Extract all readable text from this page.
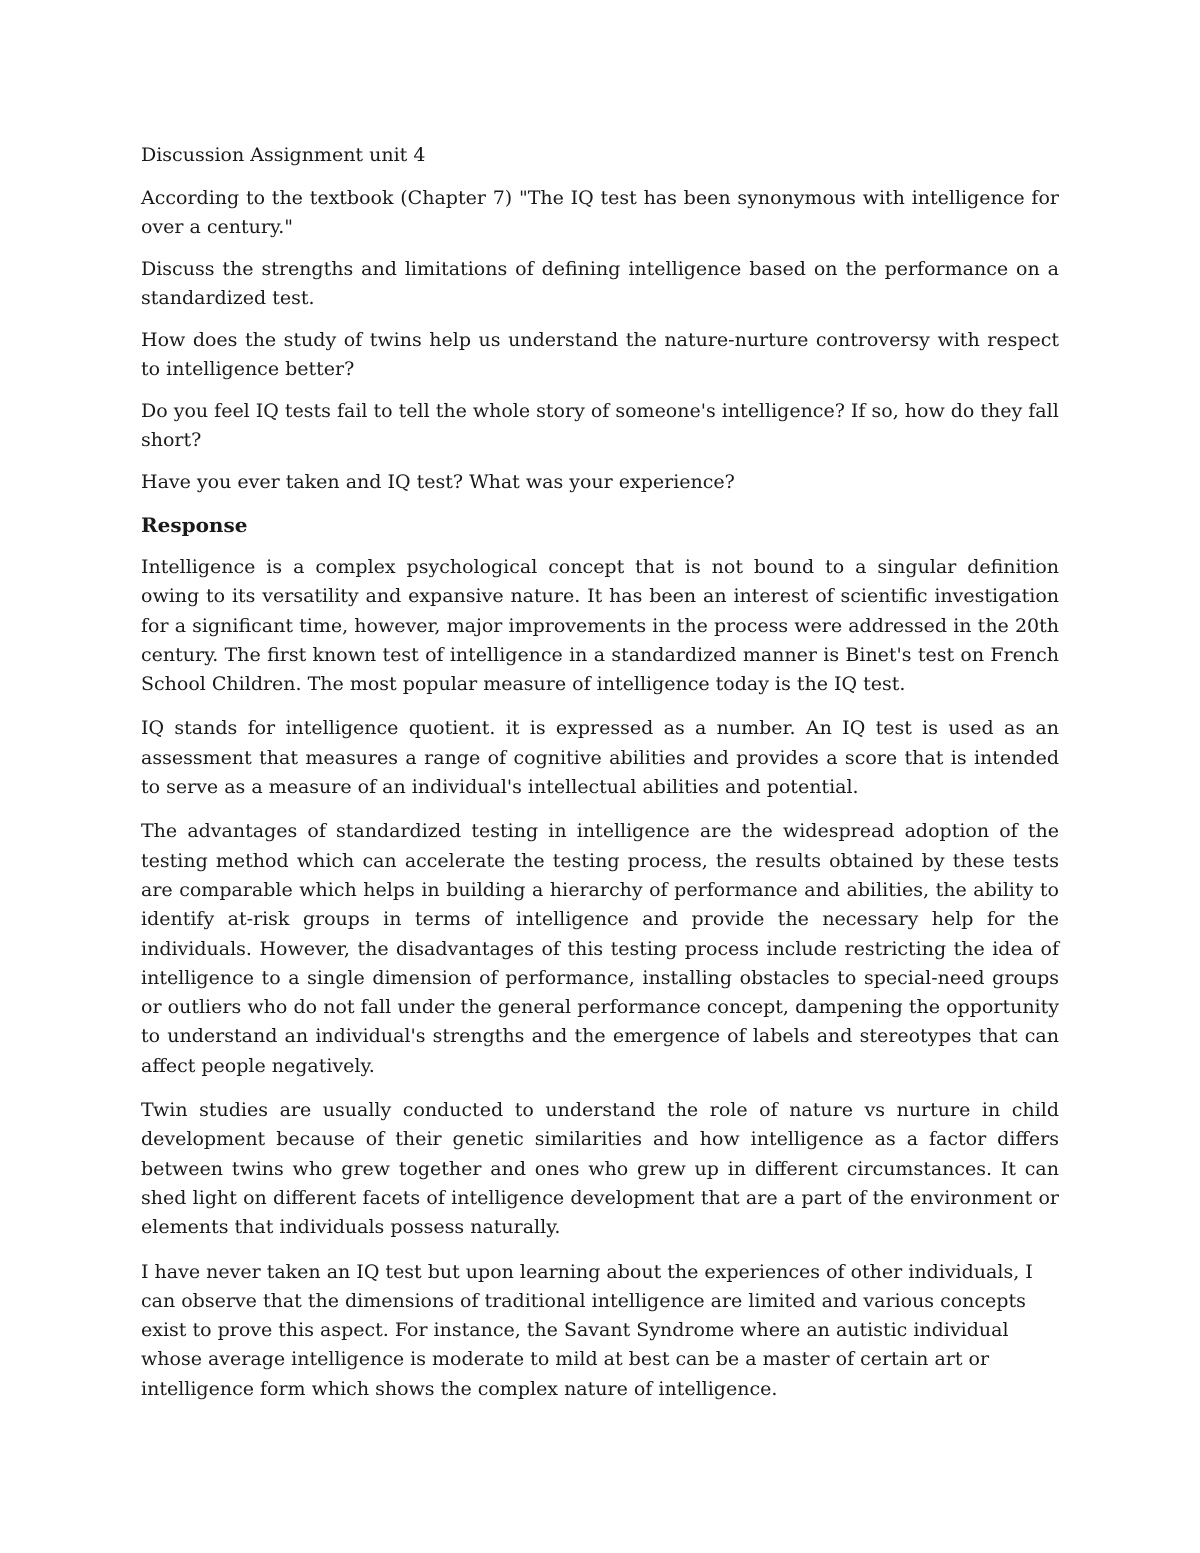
Discussion Assignment unit 4

According to the textbook (Chapter 7) "The IQ test has been synonymous with intelligence for over a century."

Discuss the strengths and limitations of defining intelligence based on the performance on a standardized test.

How does the study of twins help us understand the nature-nurture controversy with respect to intelligence better?

Do you feel IQ tests fail to tell the whole story of someone's intelligence? If so, how do they fall short?

Have you ever taken and IQ test? What was your experience?

Response

Intelligence is a complex psychological concept that is not bound to a singular definition owing to its versatility and expansive nature. It has been an interest of scientific investigation for a significant time, however, major improvements in the process were addressed in the 20th century. The first known test of intelligence in a standardized manner is Binet's test on French School Children. The most popular measure of intelligence today is the IQ test.

IQ stands for intelligence quotient. it is expressed as a number. An IQ test is used as an assessment that measures a range of cognitive abilities and provides a score that is intended to serve as a measure of an individual's intellectual abilities and potential.

The advantages of standardized testing in intelligence are the widespread adoption of the testing method which can accelerate the testing process, the results obtained by these tests are comparable which helps in building a hierarchy of performance and abilities, the ability to identify at-risk groups in terms of intelligence and provide the necessary help for the individuals. However, the disadvantages of this testing process include restricting the idea of intelligence to a single dimension of performance, installing obstacles to special-need groups or outliers who do not fall under the general performance concept, dampening the opportunity to understand an individual's strengths and the emergence of labels and stereotypes that can affect people negatively.

Twin studies are usually conducted to understand the role of nature vs nurture in child development because of their genetic similarities and how intelligence as a factor differs between twins who grew together and ones who grew up in different circumstances. It can shed light on different facets of intelligence development that are a part of the environment or elements that individuals possess naturally.

I have never taken an IQ test but upon learning about the experiences of other individuals, I can observe that the dimensions of traditional intelligence are limited and various concepts exist to prove this aspect. For instance, the Savant Syndrome where an autistic individual whose average intelligence is moderate to mild at best can be a master of certain art or intelligence form which shows the complex nature of intelligence.
